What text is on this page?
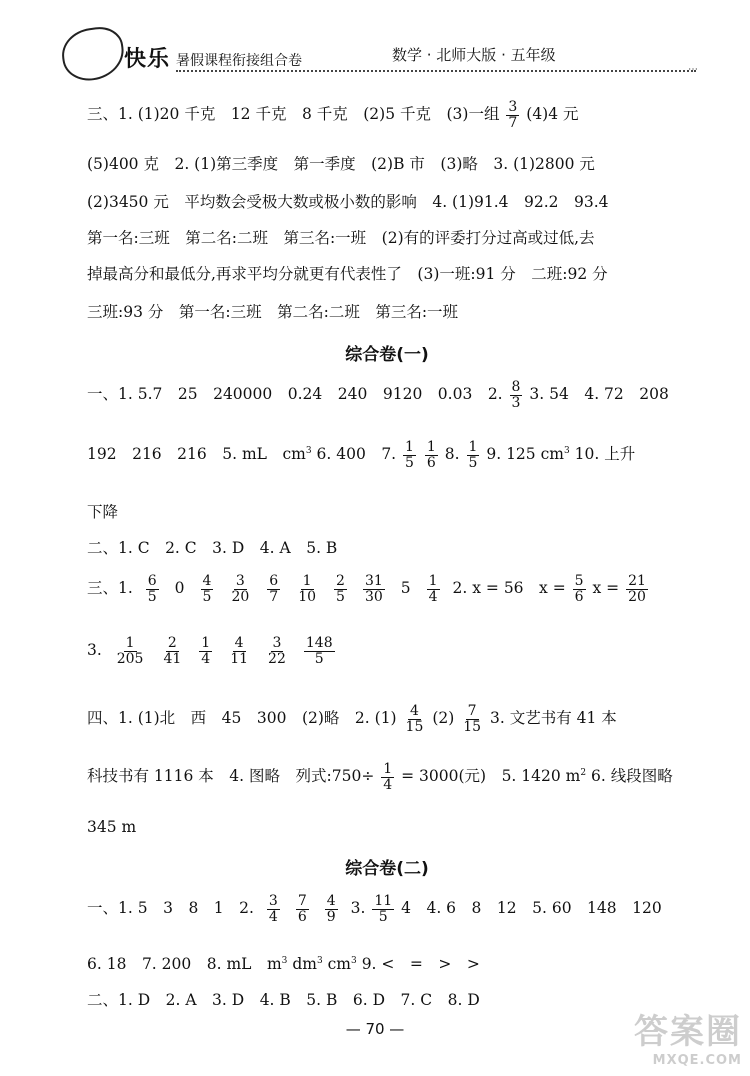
快乐 暑假课程衔接组合卷	数学 · 北师大版 · 五年级
⋯
三、1. (1)20 千克　12 千克　8 千克　(2)5 千克　(3)一组 $\frac{3}{7} (4)4$ 元
(5)400 克　2. (1)第三季度　第一季度　(2)B 市　(3)略　3. (1)2800 元
(2)3450 元　平均数会受极大数或极小数的影响　4. (1)91.4　92.2　93.4
第一名:三班　第二名:二班　第三名:一班　(2)有的评委打分过高或过低,去
掉最高分和最低分,再求平均分就更有代表性了　(3)一班:91 分　二班:92 分
三班:93 分　第一名:三班　第二名:二班　第三名:一班
综合卷(一)
一、1. 5.7　25　240000　0.24　240　9120　0.03　2. $\frac{8}{3} 3$. 54　4. 72　208
192　216　216　5. mL　$cm^3$ 6. 400　7. $\frac{1}{5}$
$\frac{1}{6} 8$. $\frac{1}{5} 9$. 125 $cm^3$ 10. 上升
下降
二、1. C　2. C　3. D　4. A　5. B
三、1. $\frac{6}{5} 0 \frac{4}{5} \frac{3}{20} \frac{6}{7} \frac{1}{10} \frac{2}{5} \frac{31}{30} 5 \frac{1}{4} 2$. x = 56　$x = \frac{5}{6}$ $x = \frac{21}{20}$
3. $\frac{1}{205} \frac{2}{41} \frac{1}{4} \frac{4}{11} \frac{3}{22} \frac{148}{5}$
四、1. (1)北　西　45　300　(2)略　2. $(1) \frac{4}{15} (2) \frac{7}{15} 3$. 文艺书有 41 本
科技书有 1116 本　4. 图略　列式:750÷ $\frac{1}{4} = 3000$(元)　5. 1420 $m^2$ 6. 线段图略
345 m
综合卷(二)
一、1. 5　3　8　1　2. $\frac{3}{4} \frac{7}{6} \frac{4}{9} 3$. $\frac{11}{5} 4$　4. 6　8　12　5. 60　148　120
6. 18　7. 200　8. mL　$m^3$ $dm^3$ $cm^3$ 9. <　=　>　>
二、1. D　2. A　3. D　4. B　5. B　6. D　7. C　8. D
— 70 —	答案圈
MXQE.COM
